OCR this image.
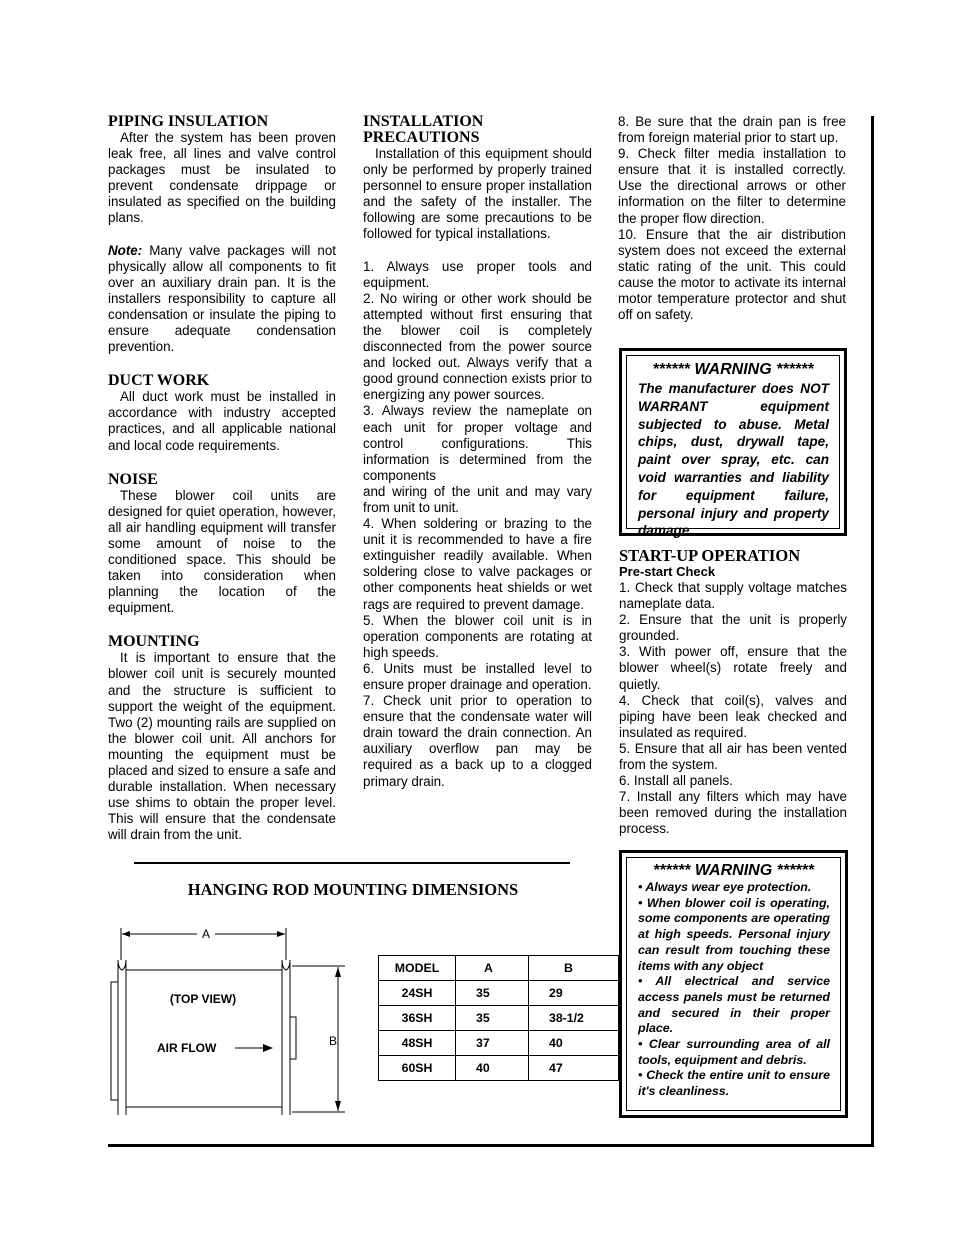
PIPING INSULATION

After the system has been proven leak free, all lines and valve control packages must be insulated to prevent condensate drippage or insulated as specified on the building plans.

Note: Many valve packages will not physically allow all components to fit over an auxiliary drain pan. It is the installers responsibility to capture all condensation or insulate the piping to ensure adequate condensation prevention.

DUCT WORK

All duct work must be installed in accordance with industry accepted practices, and all applicable national and local code requirements.

NOISE

These blower coil units are designed for quiet operation, however, all air handling equipment will transfer some amount of noise to the conditioned space. This should be taken into consideration when planning the location of the equipment.

MOUNTING

It is important to ensure that the blower coil unit is securely mounted and the structure is sufficient to support the weight of the equipment. Two (2) mounting rails are supplied on the blower coil unit. All anchors for mounting the equipment must be placed and sized to ensure a safe and durable installation. When necessary use shims to obtain the proper level. This will ensure that the condensate will drain from the unit.

INSTALLATION

PRECAUTIONS

Installation of this equipment should only be performed by properly trained personnel to ensure proper installation and the safety of the installer. The following are some precautions to be followed for typical installations.

1. Always use proper tools and equipment.

2. No wiring or other work should be attempted without first ensuring that the blower coil is completely disconnected from the power source and locked out. Always verify that a good ground connection exists prior to energizing any power sources.

3. Always review the nameplate on each unit for proper voltage and control configurations. This information is determined from the components

and wiring of the unit and may vary from unit to unit.

4. When soldering or brazing to the unit it is recommended to have a fire extinguisher readily available. When soldering close to valve packages or other components heat shields or wet rags are required to prevent damage.

5. When the blower coil unit is in operation components are rotating at high speeds.

6. Units must be installed level to ensure proper drainage and operation.

7. Check unit prior to operation to ensure that the condensate water will drain toward the drain connection. An auxiliary overflow pan may be required as a back up to a clogged primary drain.

8. Be sure that the drain pan is free from foreign material prior to start up.

9. Check filter media installation to ensure that it is installed correctly. Use the directional arrows or other information on the filter to determine the proper flow direction.

10. Ensure that the air distribution system does not exceed the external static rating of the unit. This could cause the motor to activate its internal motor temperature protector and shut off on safety.

****** WARNING ******
The manufacturer does NOT WARRANT equipment subjected to abuse. Metal chips, dust, drywall tape, paint over spray, etc. can void warranties and liability for equipment failure, personal injury and property damage.

START-UP OPERATION

Pre-start Check

1. Check that supply voltage matches nameplate data.

2. Ensure that the unit is properly grounded.

3. With power off, ensure that the blower wheel(s) rotate freely and quietly.

4. Check that coil(s), valves and piping have been leak checked and insulated as required.

5. Ensure that all air has been vented from the system.

6. Install all panels.

7. Install any filters which may have been removed during the installation process.

****** WARNING ******

• Always wear eye protection.

• When blower coil is operating, some components are operating at high speeds. Personal injury can result from touching these items with any object

• All electrical and service access panels must be returned and secured in their proper place.

• Clear surrounding area of all tools, equipment and debris.

• Check the entire unit to ensure it's cleanliness.

HANGING ROD MOUNTING DIMENSIONS
A
B
(TOP VIEW)
AIR FLOW
MODEL	A	B
24SH	35	29
36SH	35	38-1/2
48SH	37	40
60SH	40	47
